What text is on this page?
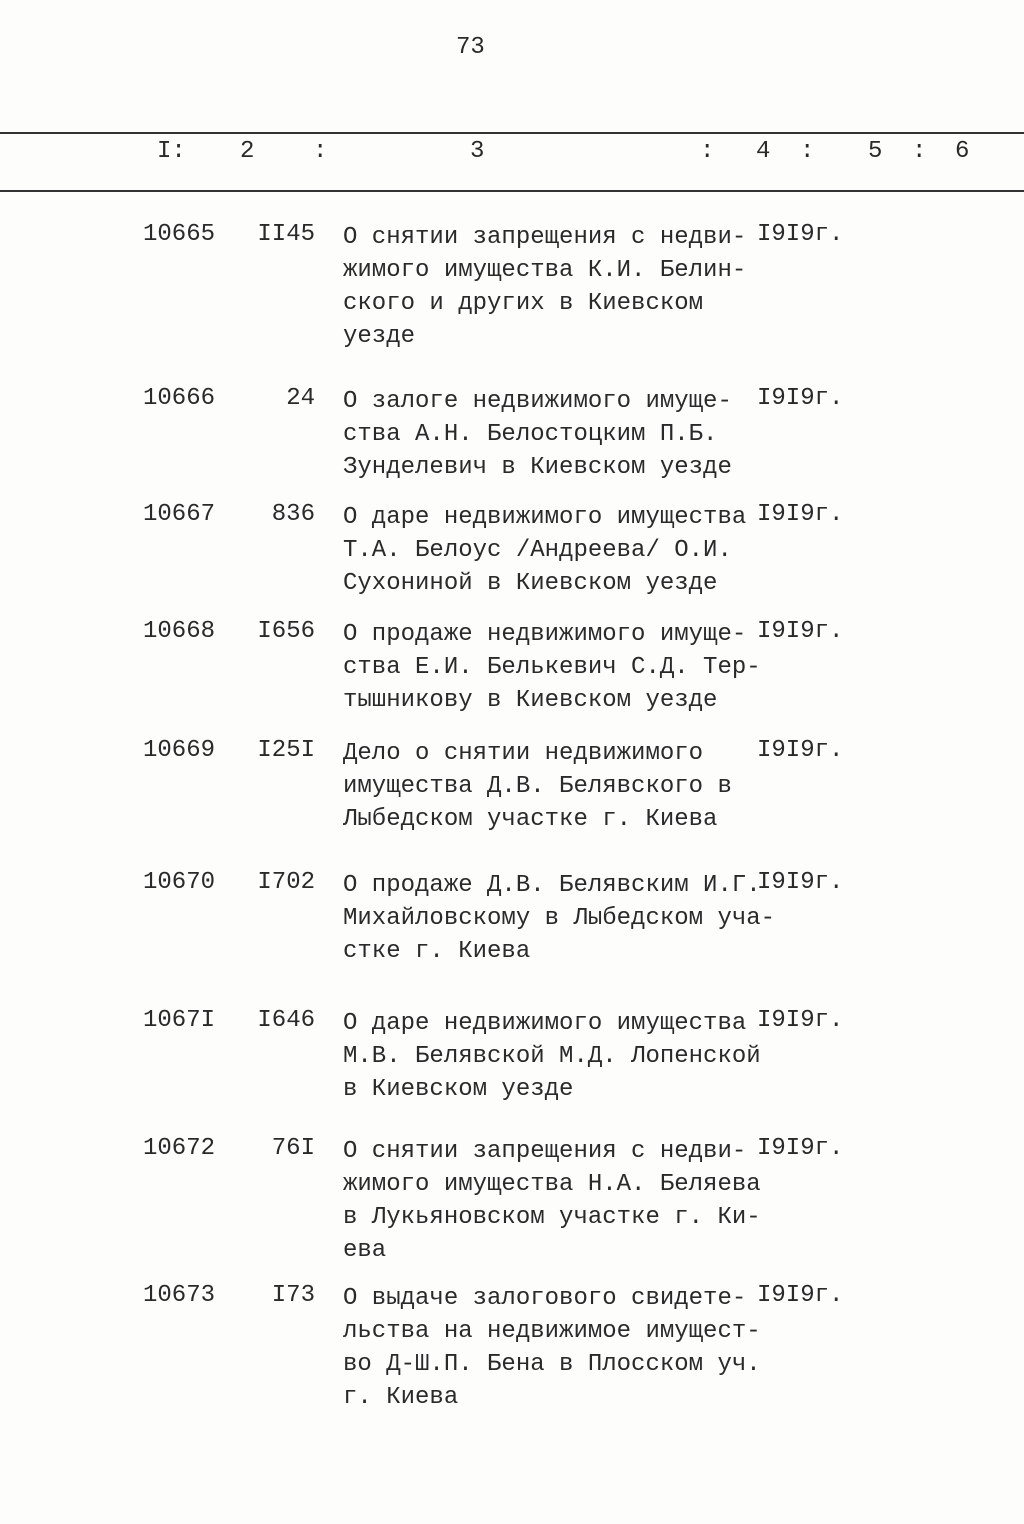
73
I: 2 :	3	: 4 : 5 : 6
10665 II45 О снятии запрещения с недви-
жимого имущества К.И. Белин-
ского и других в Киевском
уезде
I9I9г.
10666	24 О залоге недвижимого имуще-
ства А.Н. Белостоцким П.Б.
Зунделевич в Киевском уезде
I9I9г.
10667 836 О даре недвижимого имущества
Т.А. Белоус /Андреева/ О.И.
Сухониной в Киевском уезде
I9I9г.
10668 I656 О продаже недвижимого имуще-
ства Е.И. Белькевич С.Д. Тер-
тышникову в Киевском уезде
I9I9г.
10669 I25I Дело о снятии недвижимого
имущества Д.В. Белявского в
Лыбедском участке г. Киева
I9I9г.
10670 I702 О продаже Д.В. Белявским И.Г.
Михайловскому в Лыбедском уча-
стке г. Киева
I9I9г.
1067I I646 О даре недвижимого имущества
М.В. Белявской М.Д. Лопенской
в Киевском уезде
I9I9г.
10672 76I О снятии запрещения с недви-
жимого имущества Н.А. Беляева
в Лукьяновском участке г. Ки-
ева
I9I9г.
10673 I73 О выдаче залогового свидете-
льства на недвижимое имущест-
во Д-Ш.П. Бена в Плосском уч.
г. Киева
I9I9г.
